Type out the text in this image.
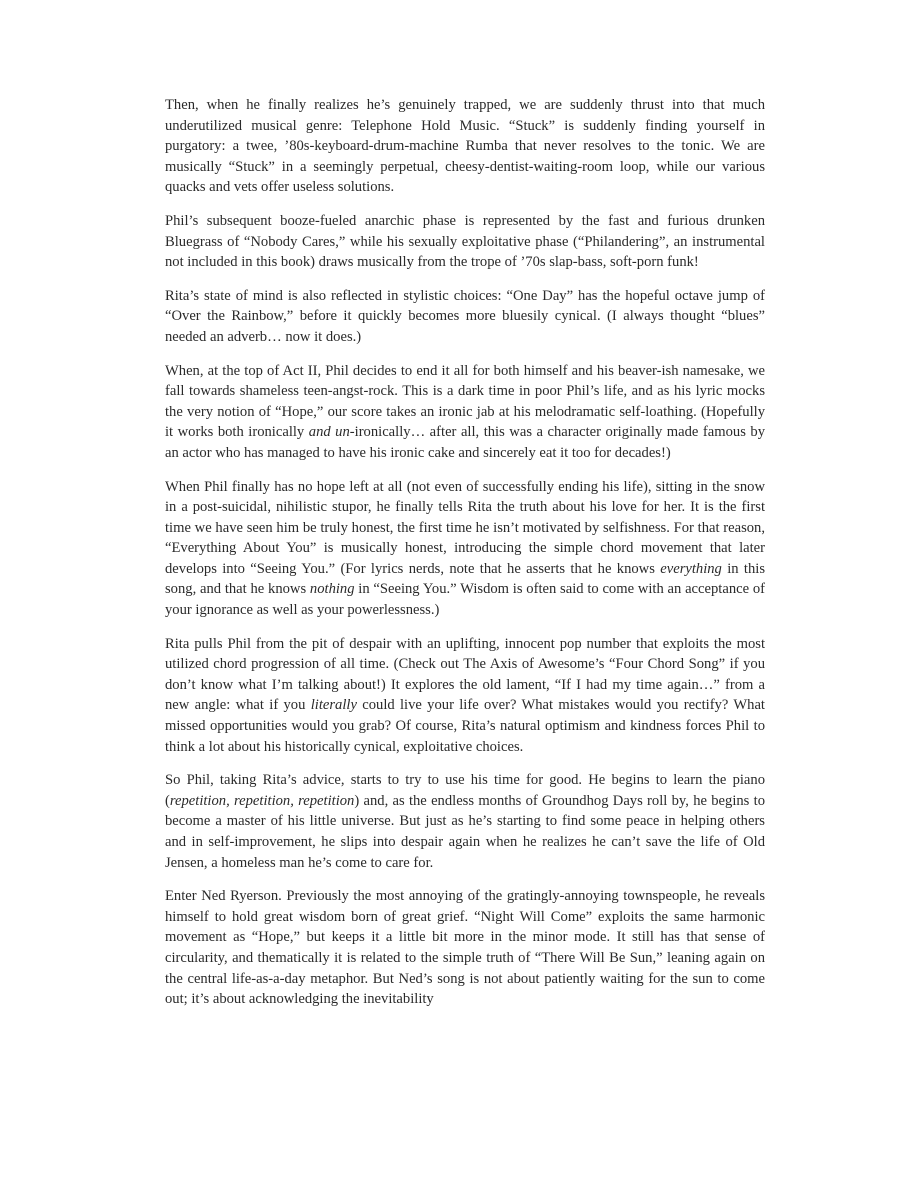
Then, when he finally realizes he’s genuinely trapped, we are suddenly thrust into that much underutilized musical genre: Telephone Hold Music. “Stuck” is suddenly finding yourself in purgatory: a twee, ’80s-keyboard-drum-machine Rumba that never resolves to the tonic. We are musically “Stuck” in a seemingly perpetual, cheesy-dentist-waiting-room loop, while our various quacks and vets offer useless solutions.

Phil’s subsequent booze-fueled anarchic phase is represented by the fast and furious drunken Bluegrass of “Nobody Cares,” while his sexually exploitative phase (“Philandering”, an instrumental not included in this book) draws musically from the trope of ’70s slap-bass, soft-porn funk!

Rita’s state of mind is also reflected in stylistic choices: “One Day” has the hopeful octave jump of “Over the Rainbow,” before it quickly becomes more bluesily cynical. (I always thought “blues” needed an adverb… now it does.)

When, at the top of Act II, Phil decides to end it all for both himself and his beaver-ish namesake, we fall towards shameless teen-angst-rock. This is a dark time in poor Phil’s life, and as his lyric mocks the very notion of “Hope,” our score takes an ironic jab at his melodramatic self-loathing. (Hopefully it works both ironically and un-ironically… after all, this was a character originally made famous by an actor who has managed to have his ironic cake and sincerely eat it too for decades!)

When Phil finally has no hope left at all (not even of successfully ending his life), sitting in the snow in a post-suicidal, nihilistic stupor, he finally tells Rita the truth about his love for her. It is the first time we have seen him be truly honest, the first time he isn’t motivated by selfishness. For that reason, “Everything About You” is musically honest, introducing the simple chord movement that later develops into “Seeing You.” (For lyrics nerds, note that he asserts that he knows everything in this song, and that he knows nothing in “Seeing You.” Wisdom is often said to come with an acceptance of your ignorance as well as your powerlessness.)

Rita pulls Phil from the pit of despair with an uplifting, innocent pop number that exploits the most utilized chord progression of all time. (Check out The Axis of Awesome’s “Four Chord Song” if you don’t know what I’m talking about!) It explores the old lament, “If I had my time again…” from a new angle: what if you literally could live your life over? What mistakes would you rectify? What missed opportunities would you grab? Of course, Rita’s natural optimism and kindness forces Phil to think a lot about his historically cynical, exploitative choices.

So Phil, taking Rita’s advice, starts to try to use his time for good. He begins to learn the piano (repetition, repetition, repetition) and, as the endless months of Groundhog Days roll by, he begins to become a master of his little universe. But just as he’s starting to find some peace in helping others and in self-improvement, he slips into despair again when he realizes he can’t save the life of Old Jensen, a homeless man he’s come to care for.

Enter Ned Ryerson. Previously the most annoying of the gratingly-annoying townspeople, he reveals himself to hold great wisdom born of great grief. “Night Will Come” exploits the same harmonic movement as “Hope,” but keeps it a little bit more in the minor mode. It still has that sense of circularity, and thematically it is related to the simple truth of “There Will Be Sun,” leaning again on the central life-as-a-day metaphor. But Ned’s song is not about patiently waiting for the sun to come out; it’s about acknowledging the inevitability
